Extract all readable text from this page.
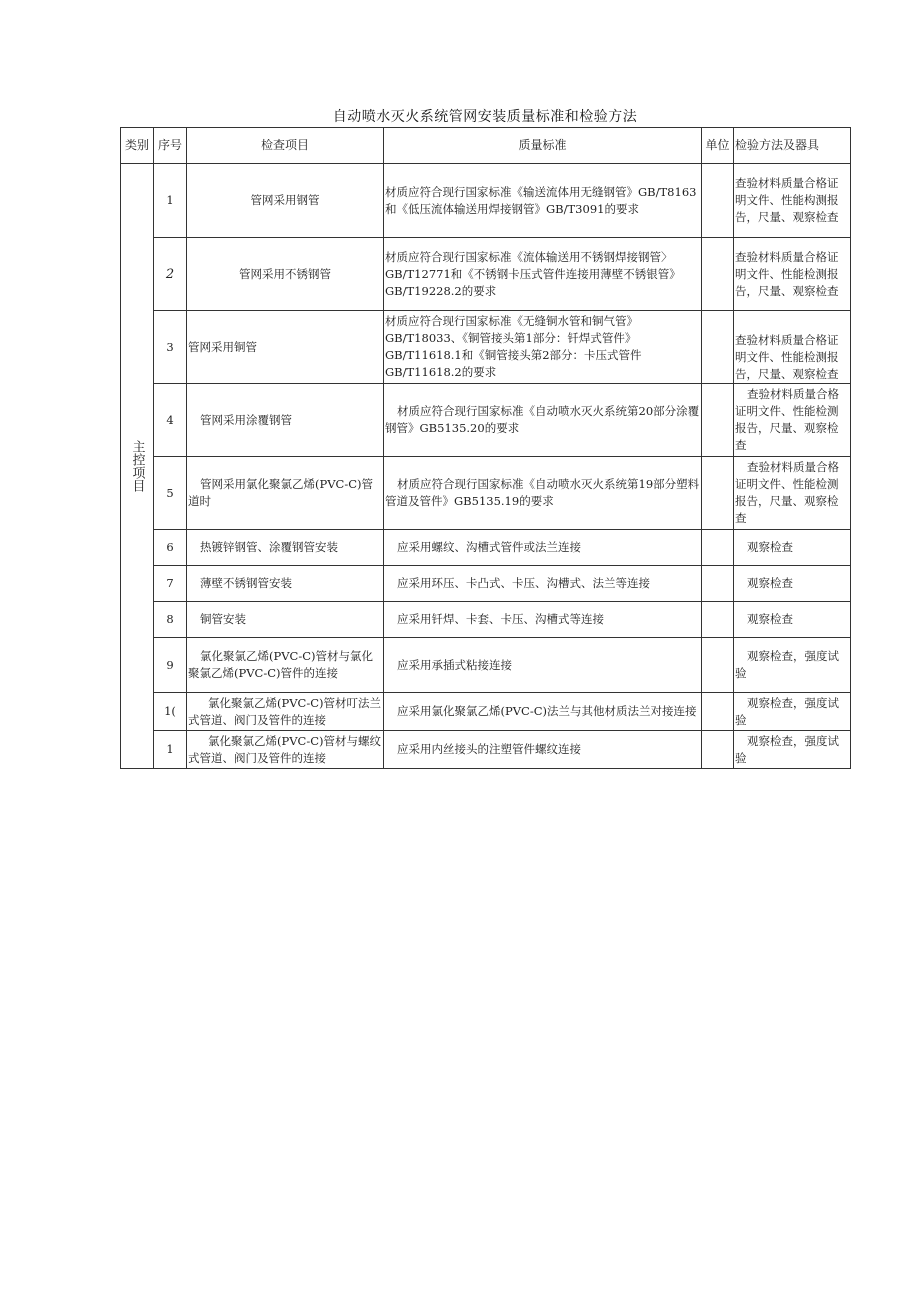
自动喷水灭火系统管网安装质量标准和检验方法
类别	序号	检查项目	质量标准	单位	检验方法及器具
主控项目	1	管网采用钢管	材质应符合现行国家标准《输送流体用无缝钢管》GB/T8163和《低压流体输送用焊接钢管》GB/T3091的要求		查验材料质量合格证明文件、性能构测报告，尺量、观察检查
	2	管网采用不锈钢管	材质应符合现行国家标准《流体输送用不锈钢焊接钢管〉GB/T12771和《不锈钢卡压式管件连接用薄壁不锈银管》GB/T19228.2的要求		查验材料质量合格证明文件、性能检测报告，尺量、观察检查
	3	管网采用铜管	材质应符合现行国家标准《无缝铜水管和铜气管》GB/T18033、《铜管接头第1部分：钎焊式管件》GB/T11618.1和《铜管接头第2部分：卡压式管件GB/T11618.2的要求		查验材料质量合格证明文件、性能检测报告，尺量、观察检查
	4	管网采用涂覆钢管	材质应符合现行国家标准《自动喷水灭火系统第20部分涂覆钢管》GB5135.20的要求		查验材料质量合格证明文件、性能检测报告，尺量、观察检查
	5	管网采用氯化聚氯乙烯(PVC-C)管道时	材质应符合现行国家标准《自动喷水灭火系统第19部分塑料管道及管件》GB5135.19的要求		查验材料质量合格证明文件、性能检测报告，尺量、观察检查
	6	热镀锌钢管、涂覆钢管安装	应采用螺纹、沟槽式管件或法兰连接		观察检查
	7	薄壁不锈钢管安装	应采用环压、卡凸式、卡压、沟槽式、法兰等连接		观察检查
	8	铜管安装	应采用钎焊、卡套、卡压、沟槽式等连接		观察检查
	9	氯化聚氯乙烯(PVC-C)管材与氯化聚氯乙烯(PVC-C)管件的连接	应采用承插式粘接连接		观察检查，强度试验
	1(	氯化聚氯乙烯(PVC-C)管材叮法兰式管道、阀门及管件的连接	应采用氯化聚氯乙烯(PVC-C)法兰与其他材质法兰对接连接		观察检查，强度试验
	1	氯化聚氯乙烯(PVC-C)管材与螺纹式管道、阀门及管件的连接	应采用内丝接头的注塑管件螺纹连接		观察检查，强度试验
